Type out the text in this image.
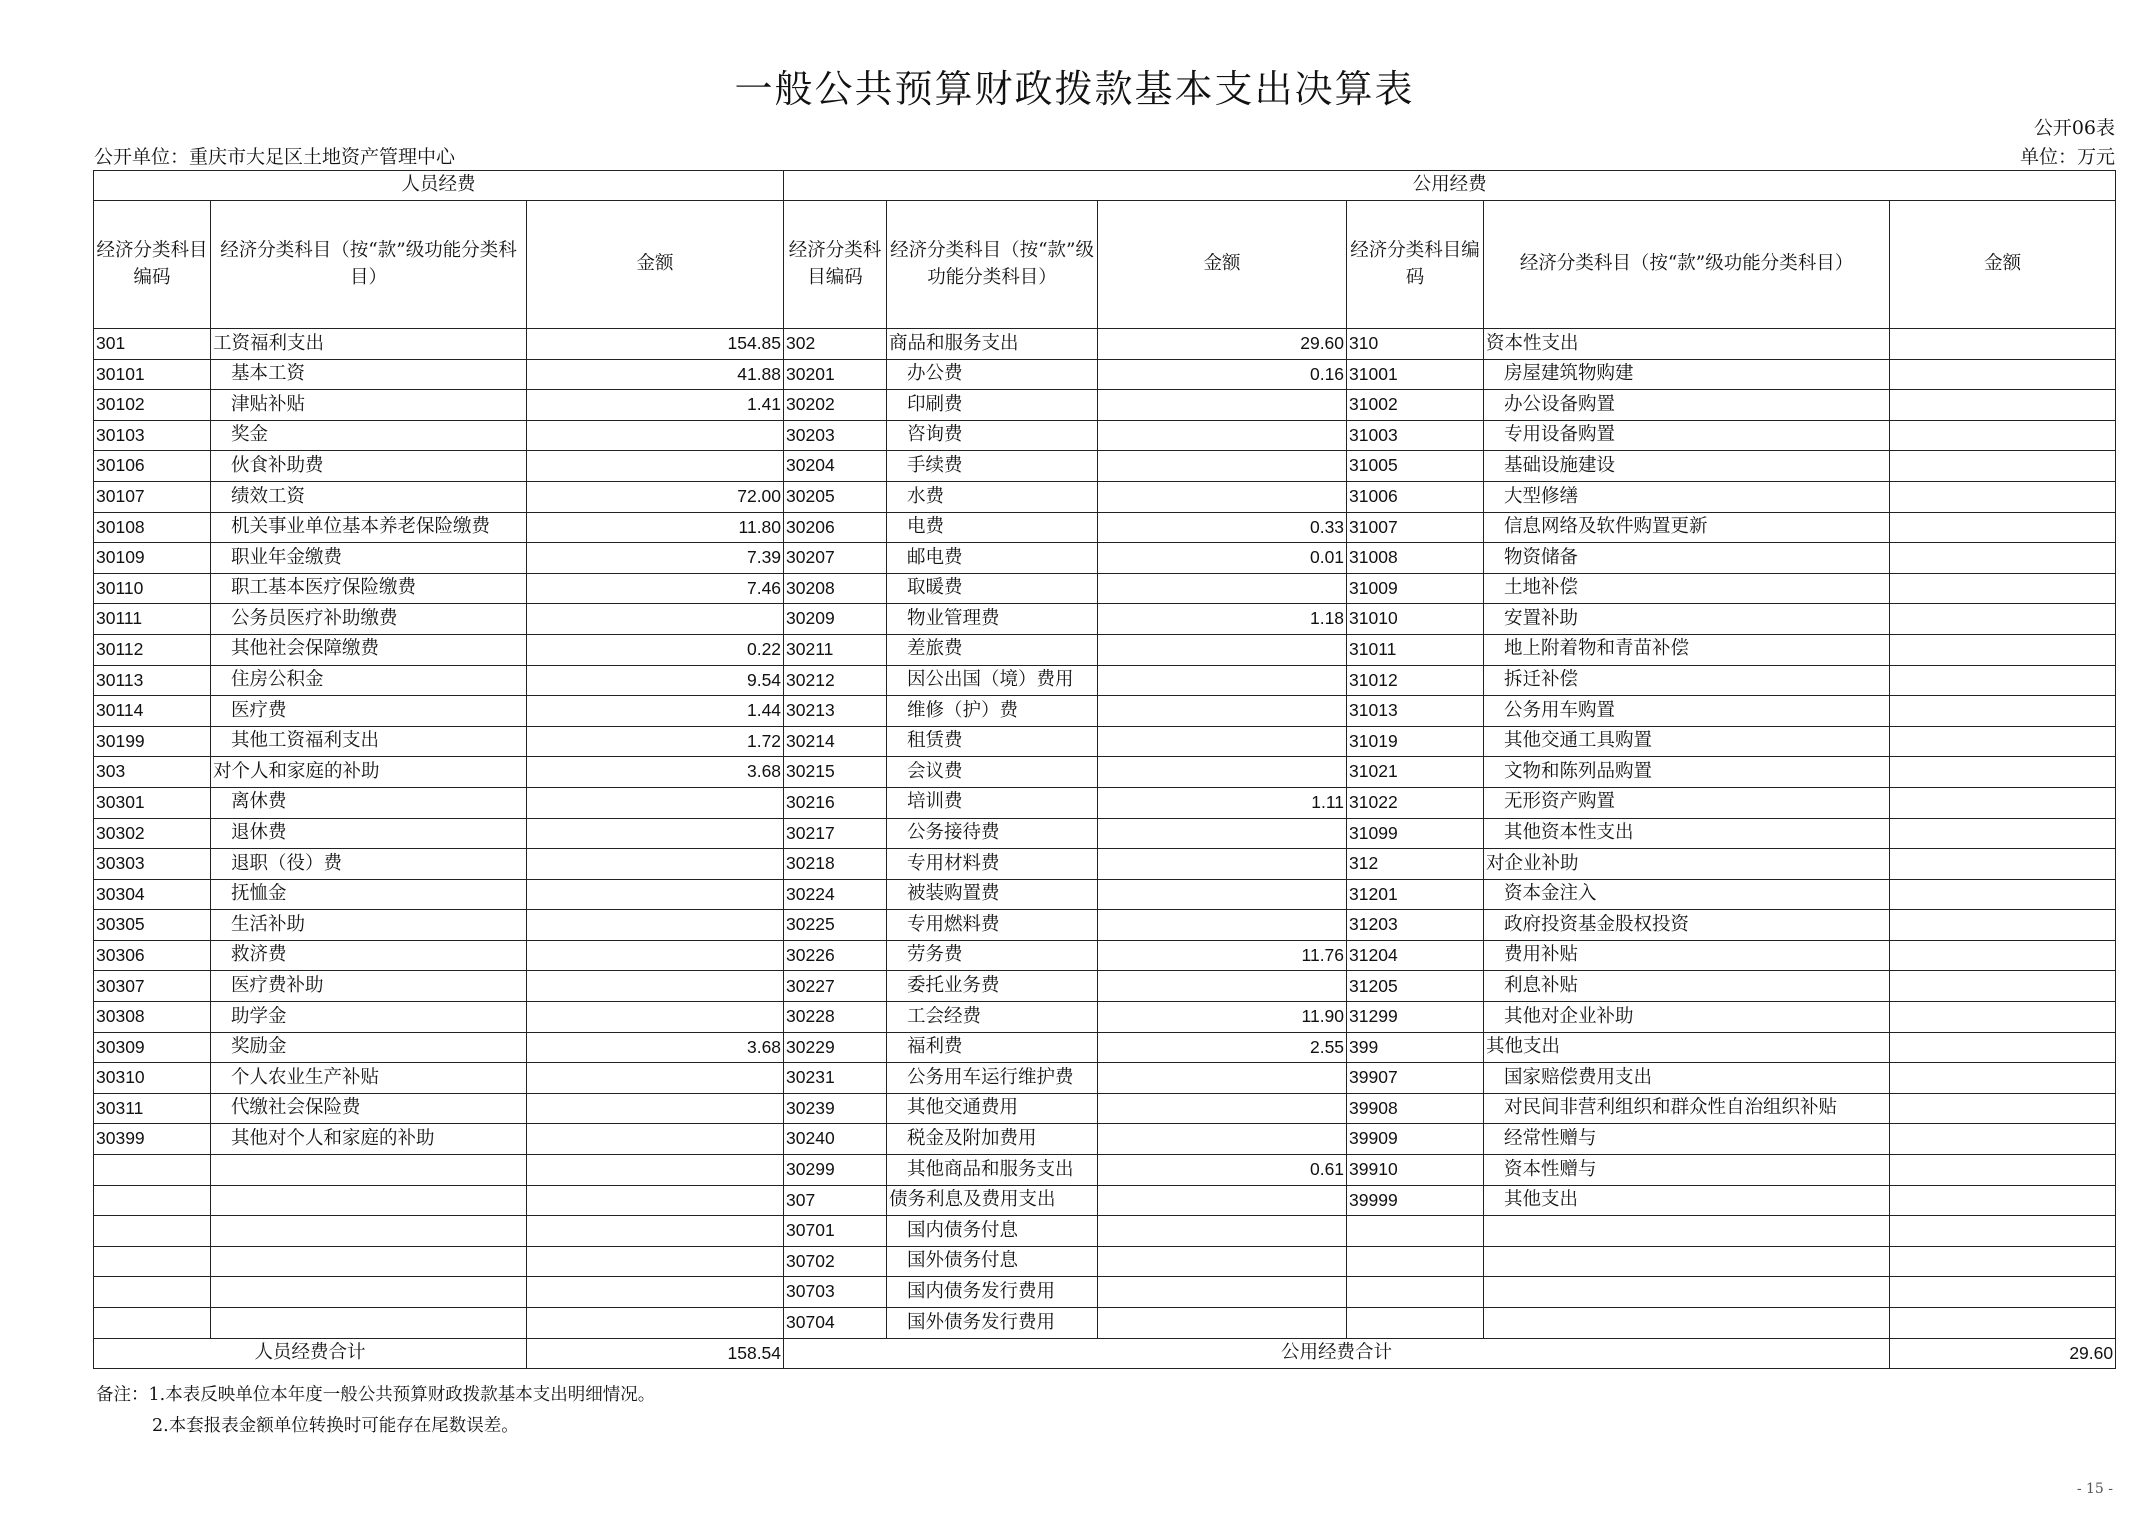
一般公共预算财政拨款基本支出决算表
公开06表
公开单位：重庆市大足区土地资产管理中心	单位：万元
人员经费			公用经费					
经济分类科目编码	经济分类科目（按“款”级功能分类科目）	金额	经济分类科目编码	经济分类科目（按“款”级功能分类科目）	金额	经济分类科目编码	经济分类科目（按“款”级功能分类科目）	金额
301	工资福利支出	154.85	302	商品和服务支出	29.60	310	资本性支出	
30101	基本工资	41.88	30201	办公费	0.16	31001	房屋建筑物购建	
30102	津贴补贴	1.41	30202	印刷费		31002	办公设备购置	
30103	奖金		30203	咨询费		31003	专用设备购置	
30106	伙食补助费		30204	手续费		31005	基础设施建设	
30107	绩效工资	72.00	30205	水费		31006	大型修缮	
30108	机关事业单位基本养老保险缴费	11.80	30206	电费	0.33	31007	信息网络及软件购置更新	
30109	职业年金缴费	7.39	30207	邮电费	0.01	31008	物资储备	
30110	职工基本医疗保险缴费	7.46	30208	取暖费		31009	土地补偿	
30111	公务员医疗补助缴费		30209	物业管理费	1.18	31010	安置补助	
30112	其他社会保障缴费	0.22	30211	差旅费		31011	地上附着物和青苗补偿	
30113	住房公积金	9.54	30212	因公出国（境）费用		31012	拆迁补偿	
30114	医疗费	1.44	30213	维修（护）费		31013	公务用车购置	
30199	其他工资福利支出	1.72	30214	租赁费		31019	其他交通工具购置	
303	对个人和家庭的补助	3.68	30215	会议费		31021	文物和陈列品购置	
30301	离休费		30216	培训费	1.11	31022	无形资产购置	
30302	退休费		30217	公务接待费		31099	其他资本性支出	
30303	退职（役）费		30218	专用材料费		312	对企业补助	
30304	抚恤金		30224	被装购置费		31201	资本金注入	
30305	生活补助		30225	专用燃料费		31203	政府投资基金股权投资	
30306	救济费		30226	劳务费	11.76	31204	费用补贴	
30307	医疗费补助		30227	委托业务费		31205	利息补贴	
30308	助学金		30228	工会经费	11.90	31299	其他对企业补助	
30309	奖励金	3.68	30229	福利费	2.55	399	其他支出	
30310	个人农业生产补贴		30231	公务用车运行维护费		39907	国家赔偿费用支出	
30311	代缴社会保险费		30239	其他交通费用		39908	对民间非营利组织和群众性自治组织补贴	
30399	其他对个人和家庭的补助		30240	税金及附加费用		39909	经常性赠与	
			30299	其他商品和服务支出	0.61	39910	资本性赠与	
			307	债务利息及费用支出		39999	其他支出	
			30701	国内债务付息				
			30702	国外债务付息				
			30703	国内债务发行费用				
			30704	国外债务发行费用				
人员经费合计		158.54	公用经费合计					29.60
备注：1.本表反映单位本年度一般公共预算财政拨款基本支出明细情况。
2.本套报表金额单位转换时可能存在尾数误差。
- 15 -
